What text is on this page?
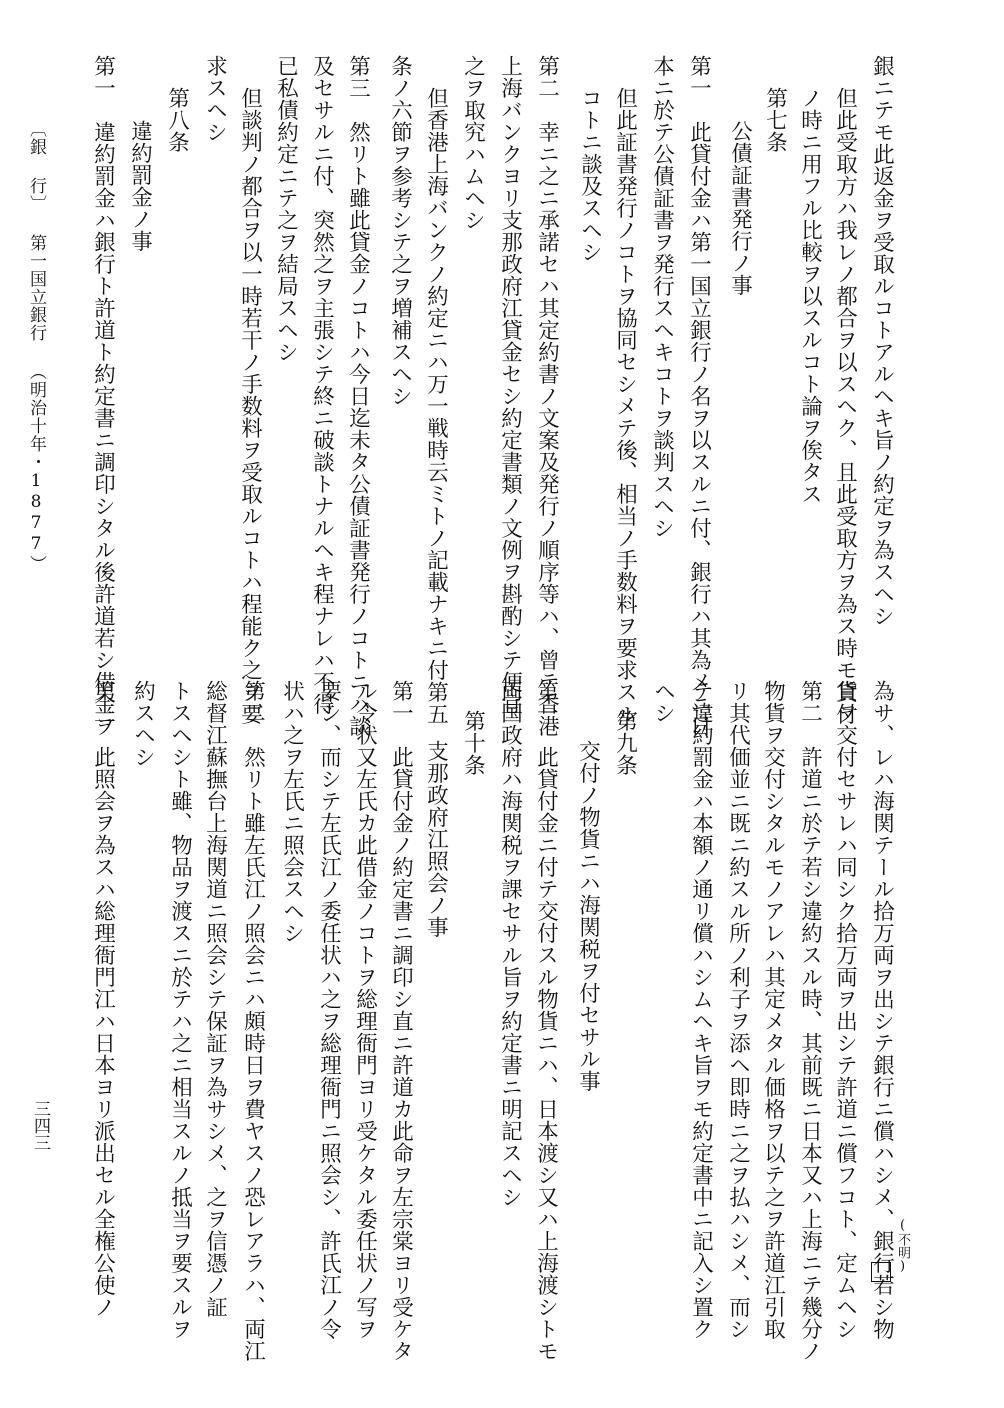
銀ニテモ此返金ヲ受取ルコトアルヘキ旨ノ約定ヲ為スヘシ
但此受取方ハ我レノ都合ヲ以スヘク、且此受取方ヲ為ス時モ貸付
ノ時ニ用フル比較ヲ以スルコト論ヲ俟タス
第七条
公債証書発行ノ事
第一　此貸付金ハ第一国立銀行ノ名ヲ以スルニ付、銀行ハ其為メニ日
本ニ於テ公債証書ヲ発行スヘキコトヲ談判スヘシ
但此証書発行ノコトヲ協同セシメテ後、相当ノ手数料ヲ要求スル
コトニ談及スヘシ
第二　幸ニ之ニ承諾セハ其定約書ノ文案及発行ノ順序等ハ、曾テ香港
上海バンクヨリ支那政府江貸金セシ約定書類ノ文例ヲ斟酌シテ便宜
之ヲ取究ハムヘシ
但香港上海バンクノ約定ニハ万一戦時云ミトノ記載ナキニ付第五
条ノ六節ヲ参考シテ之ヲ増補スヘシ
第三　然リト雖此貸金ノコトハ今日迄未タ公債証書発行ノコトニハ談
及セサルニ付、突然之ヲ主張シテ終ニ破談トナルヘキ程ナレハ不得
已私債約定ニテ之ヲ結局スヘシ
但談判ノ都合ヲ以一時若干ノ手数料ヲ受取ルコトハ程能ク之ヲ要
求スヘシ
第八条
違約罰金ノ事
第一　違約罰金ハ銀行ト許道ト約定書ニ調印シタル後許道若シ借金ヲ
為サ、レハ海関テール拾万両ヲ出シテ銀行ニ償ハシメ、銀行若シ物
貨ヲ交付セサレハ同シク拾万両ヲ出シテ許道ニ償フコト、定ムヘシ
第二　許道ニ於テ若シ違約スル時、其前既ニ日本又ハ上海ニテ幾分ノ
物貨ヲ交付シタルモノアレハ其定メタル価格ヲ以テ之ヲ許道江引取
リ其代価並ニ既ニ約スル所ノ利子ヲ添ヘ即時ニ之ヲ払ハシメ、而シ
テ違約罰金ハ本額ノ通リ償ハシムヘキ旨ヲモ約定書中ニ記入シ置ク
ヘシ
第九条
交付ノ物貨ニハ海関税ヲ付セサル事
第一　此貸付金ニ付テ交付スル物貨ニハ、日本渡シ又ハ上海渡シトモ
両国政府ハ海関税ヲ課セサル旨ヲ約定書ニ明記スヘシ
第十条
支那政府江照会ノ事
第一　此貸付金ノ約定書ニ調印シ直ニ許道カ此命ヲ左宗棠ヨリ受ケタ
ル令状又左氏カ此借金ノコトヲ総理衙門ヨリ受ケタル委任状ノ写ヲ
要シ、而シテ左氏江ノ委任状ハ之ヲ総理衙門ニ照会シ、許氏江ノ令
状ハ之ヲ左氏ニ照会スヘシ
第二　然リト雖左氏江ノ照会ニハ頗時日ヲ費ヤスノ恐レアラハ、両江
総督江蘇撫台上海関道ニ照会シテ保証ヲ為サシメ、之ヲ信憑ノ証
トスヘシト雖、物品ヲ渡スニ於テハ之ニ相当スルノ抵当ヲ要スルヲ
約スヘシ
第三　此照会ヲ為スハ総理衙門江ハ日本ヨリ派出セル全権公使ノ	(不明)
〔銀 行〕 第一国立銀行 （明治十年・1877）
三四三
